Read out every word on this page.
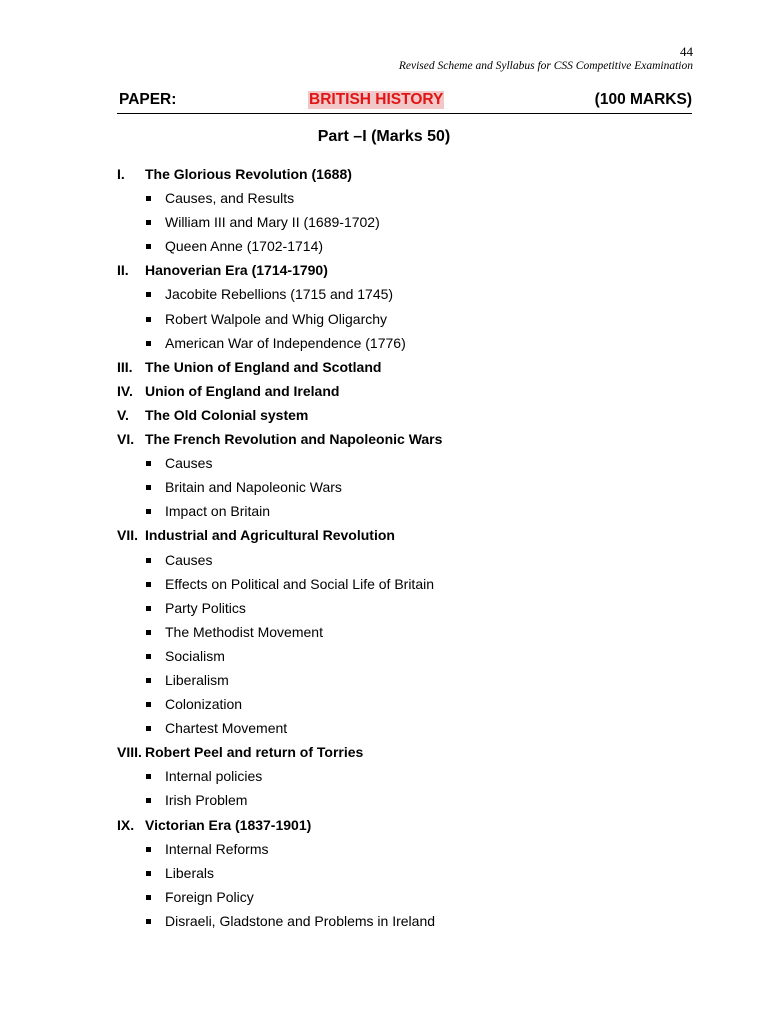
44
Revised Scheme and Syllabus for CSS Competitive Examination
PAPER:	BRITISH HISTORY	(100 MARKS)
Part –I (Marks 50)
I. The Glorious Revolution (1688)
Causes, and Results
William III and Mary II (1689-1702)
Queen Anne (1702-1714)
II. Hanoverian Era (1714-1790)
Jacobite Rebellions (1715 and 1745)
Robert Walpole and Whig Oligarchy
American War of Independence (1776)
III. The Union of England and Scotland
IV. Union of England and Ireland
V. The Old Colonial system
VI. The French Revolution and Napoleonic Wars
Causes
Britain and Napoleonic Wars
Impact on Britain
VII. Industrial and Agricultural Revolution
Causes
Effects on Political and Social Life of Britain
Party Politics
The Methodist Movement
Socialism
Liberalism
Colonization
Chartest Movement
VIII. Robert Peel and return of Torries
Internal policies
Irish Problem
IX. Victorian Era (1837-1901)
Internal Reforms
Liberals
Foreign Policy
Disraeli, Gladstone and Problems in Ireland
